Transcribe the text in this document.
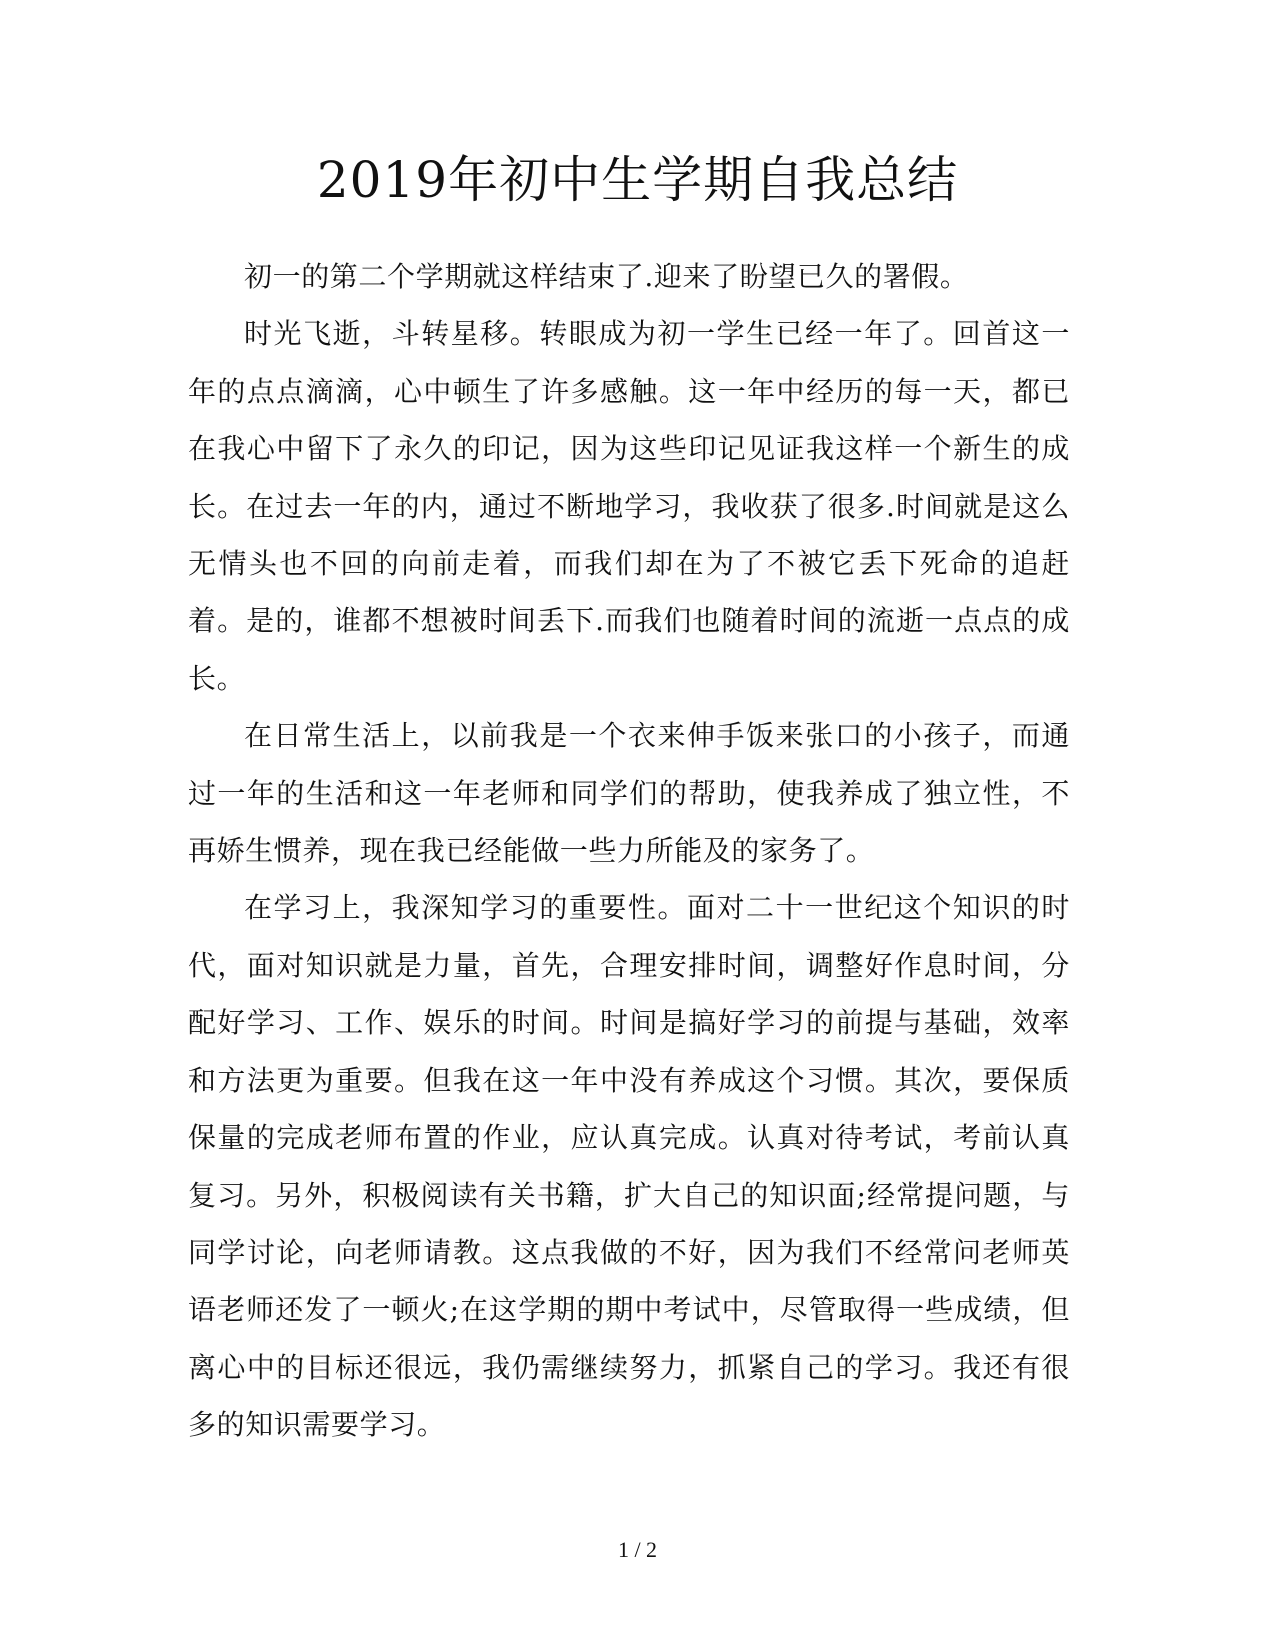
2019年初中生学期自我总结

初一的第二个学期就这样结束了.迎来了盼望已久的署假。

时光飞逝，斗转星移。转眼成为初一学生已经一年了。回首这一年的点点滴滴，心中顿生了许多感触。这一年中经历的每一天，都已在我心中留下了永久的印记，因为这些印记见证我这样一个新生的成长。在过去一年的内，通过不断地学习，我收获了很多.时间就是这么无情头也不回的向前走着，而我们却在为了不被它丢下死命的追赶着。是的，谁都不想被时间丢下.而我们也随着时间的流逝一点点的成长。

在日常生活上，以前我是一个衣来伸手饭来张口的小孩子，而通过一年的生活和这一年老师和同学们的帮助，使我养成了独立性，不再娇生惯养，现在我已经能做一些力所能及的家务了。

在学习上，我深知学习的重要性。面对二十一世纪这个知识的时代，面对知识就是力量，首先，合理安排时间，调整好作息时间，分配好学习、工作、娱乐的时间。时间是搞好学习的前提与基础，效率和方法更为重要。但我在这一年中没有养成这个习惯。其次，要保质保量的完成老师布置的作业，应认真完成。认真对待考试，考前认真复习。另外，积极阅读有关书籍，扩大自己的知识面;经常提问题，与同学讨论，向老师请教。这点我做的不好，因为我们不经常问老师英语老师还发了一顿火;在这学期的期中考试中，尽管取得一些成绩，但离心中的目标还很远，我仍需继续努力，抓紧自己的学习。我还有很多的知识需要学习。

1 / 2
